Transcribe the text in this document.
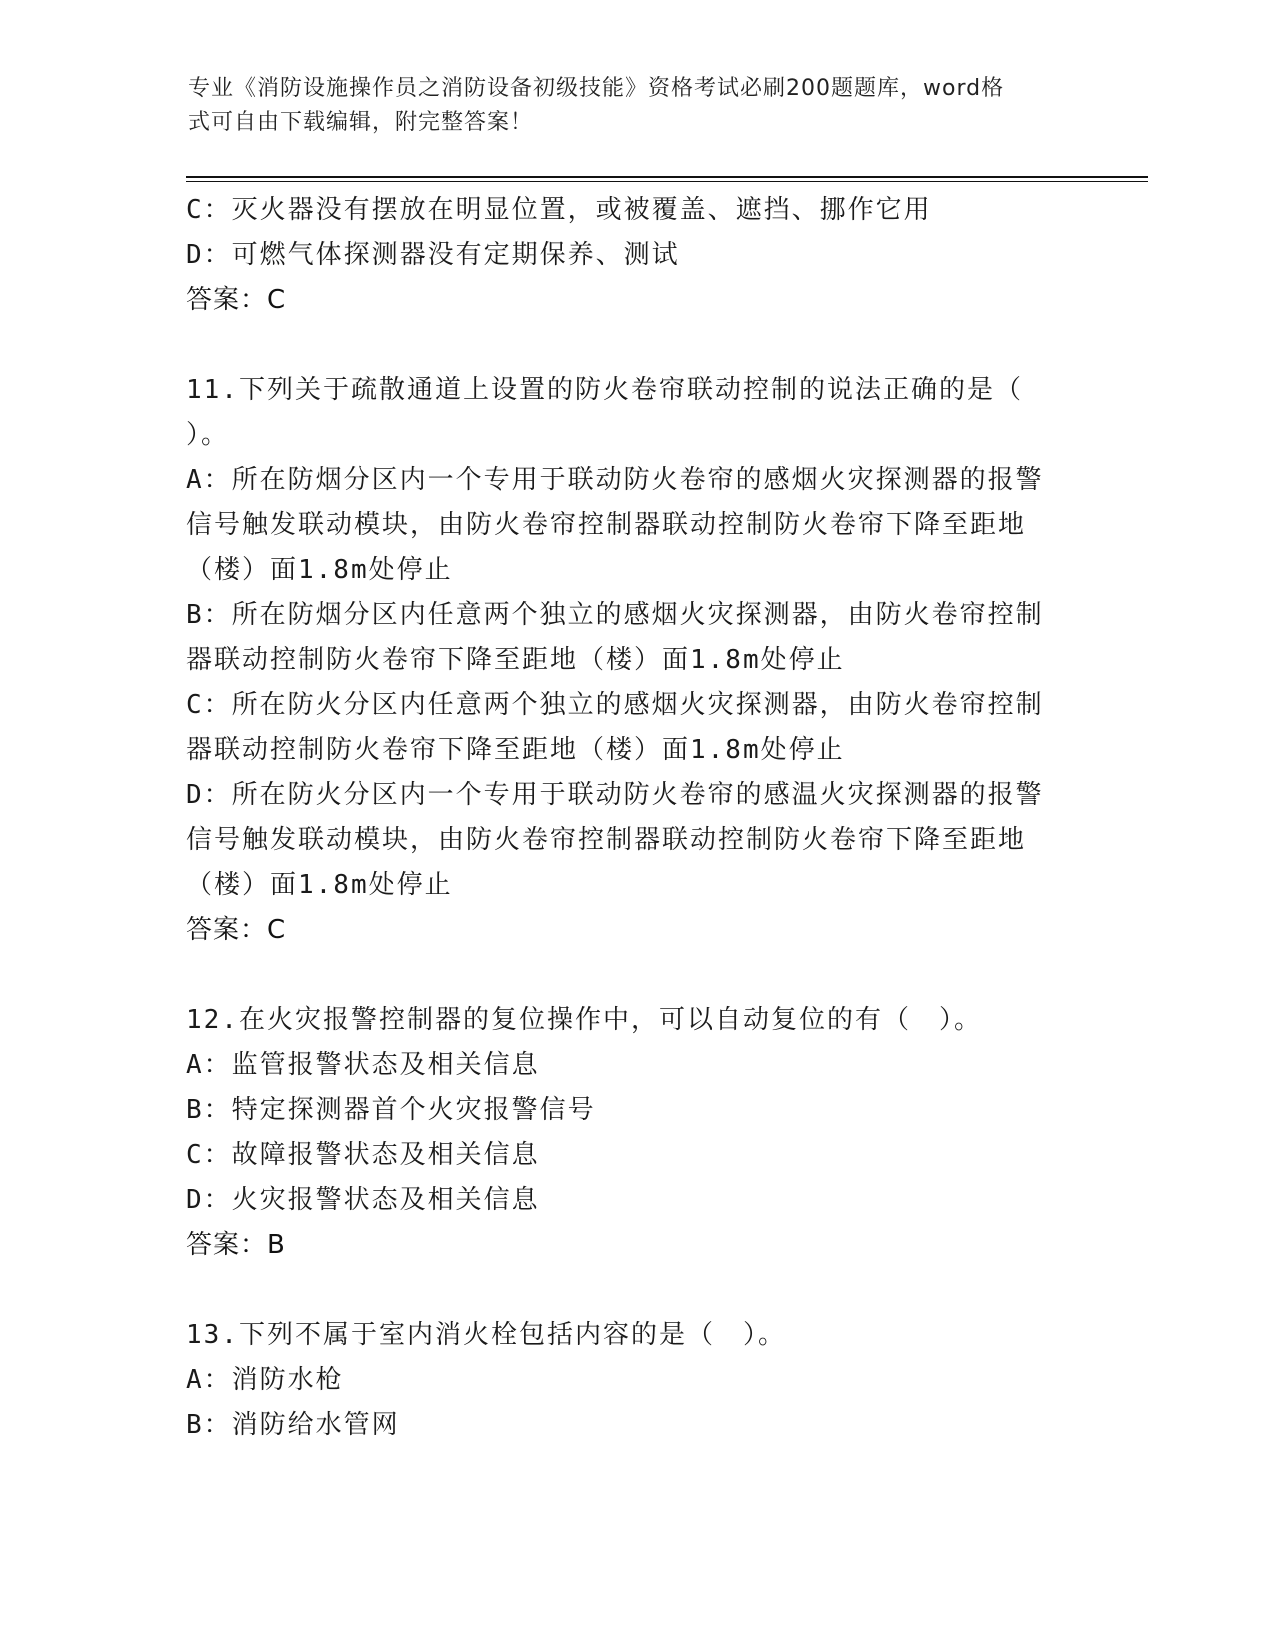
专业《消防设施操作员之消防设备初级技能》资格考试必刷200题题库，word格
式可自由下载编辑，附完整答案！
C：灭火器没有摆放在明显位置，或被覆盖、遮挡、挪作它用
D：可燃气体探测器没有定期保养、测试
答案：C
11.下列关于疏散通道上设置的防火卷帘联动控制的说法正确的是（
）。
A：所在防烟分区内一个专用于联动防火卷帘的感烟火灾探测器的报警
信号触发联动模块，由防火卷帘控制器联动控制防火卷帘下降至距地
（楼）面1.8m处停止
B：所在防烟分区内任意两个独立的感烟火灾探测器，由防火卷帘控制
器联动控制防火卷帘下降至距地（楼）面1.8m处停止
C：所在防火分区内任意两个独立的感烟火灾探测器，由防火卷帘控制
器联动控制防火卷帘下降至距地（楼）面1.8m处停止
D：所在防火分区内一个专用于联动防火卷帘的感温火灾探测器的报警
信号触发联动模块，由防火卷帘控制器联动控制防火卷帘下降至距地
（楼）面1.8m处停止
答案：C
12.在火灾报警控制器的复位操作中，可以自动复位的有（　）。
A：监管报警状态及相关信息
B：特定探测器首个火灾报警信号
C：故障报警状态及相关信息
D：火灾报警状态及相关信息
答案：B
13.下列不属于室内消火栓包括内容的是（　）。
A：消防水枪
B：消防给水管网
